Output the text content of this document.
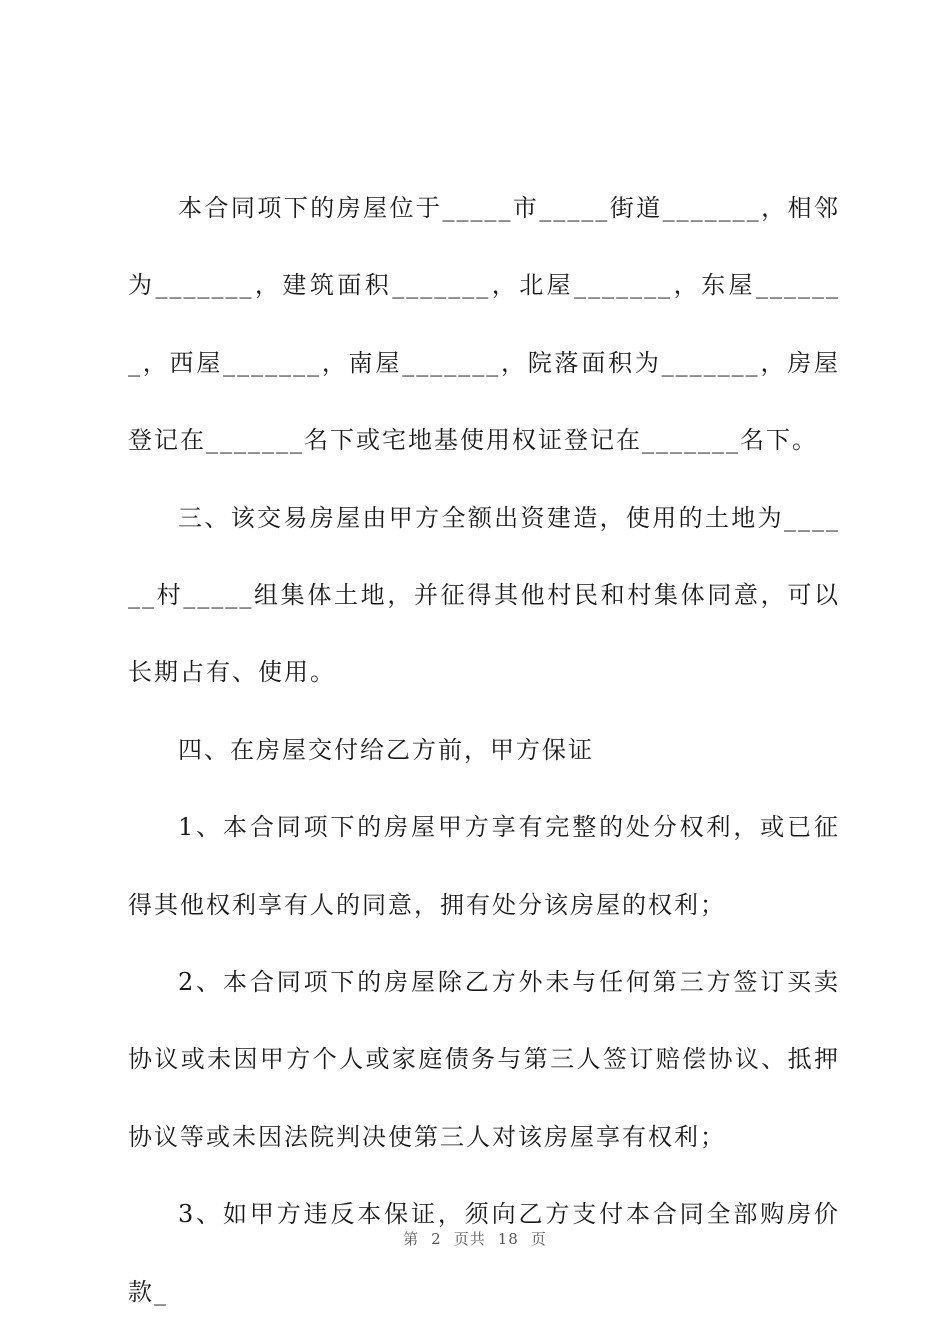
本合同项下的房屋位于_____市_____街道_______，相邻为_______，建筑面积_______，北屋_______，东屋_______，西屋_______，南屋_______，院落面积为_______，房屋登记在_______名下或宅地基使用权证登记在_______名下。

三、该交易房屋由甲方全额出资建造，使用的土地为______村_____组集体土地，并征得其他村民和村集体同意，可以长期占有、使用。

四、在房屋交付给乙方前，甲方保证

1、本合同项下的房屋甲方享有完整的处分权利，或已征得其他权利享有人的同意，拥有处分该房屋的权利；

2、本合同项下的房屋除乙方外未与任何第三方签订买卖协议或未因甲方个人或家庭债务与第三人签订赔偿协议、抵押协议等或未因法院判决使第三人对该房屋享有权利；

3、如甲方违反本保证，须向乙方支付本合同全部购房价款_

第 2 页共 18 页
